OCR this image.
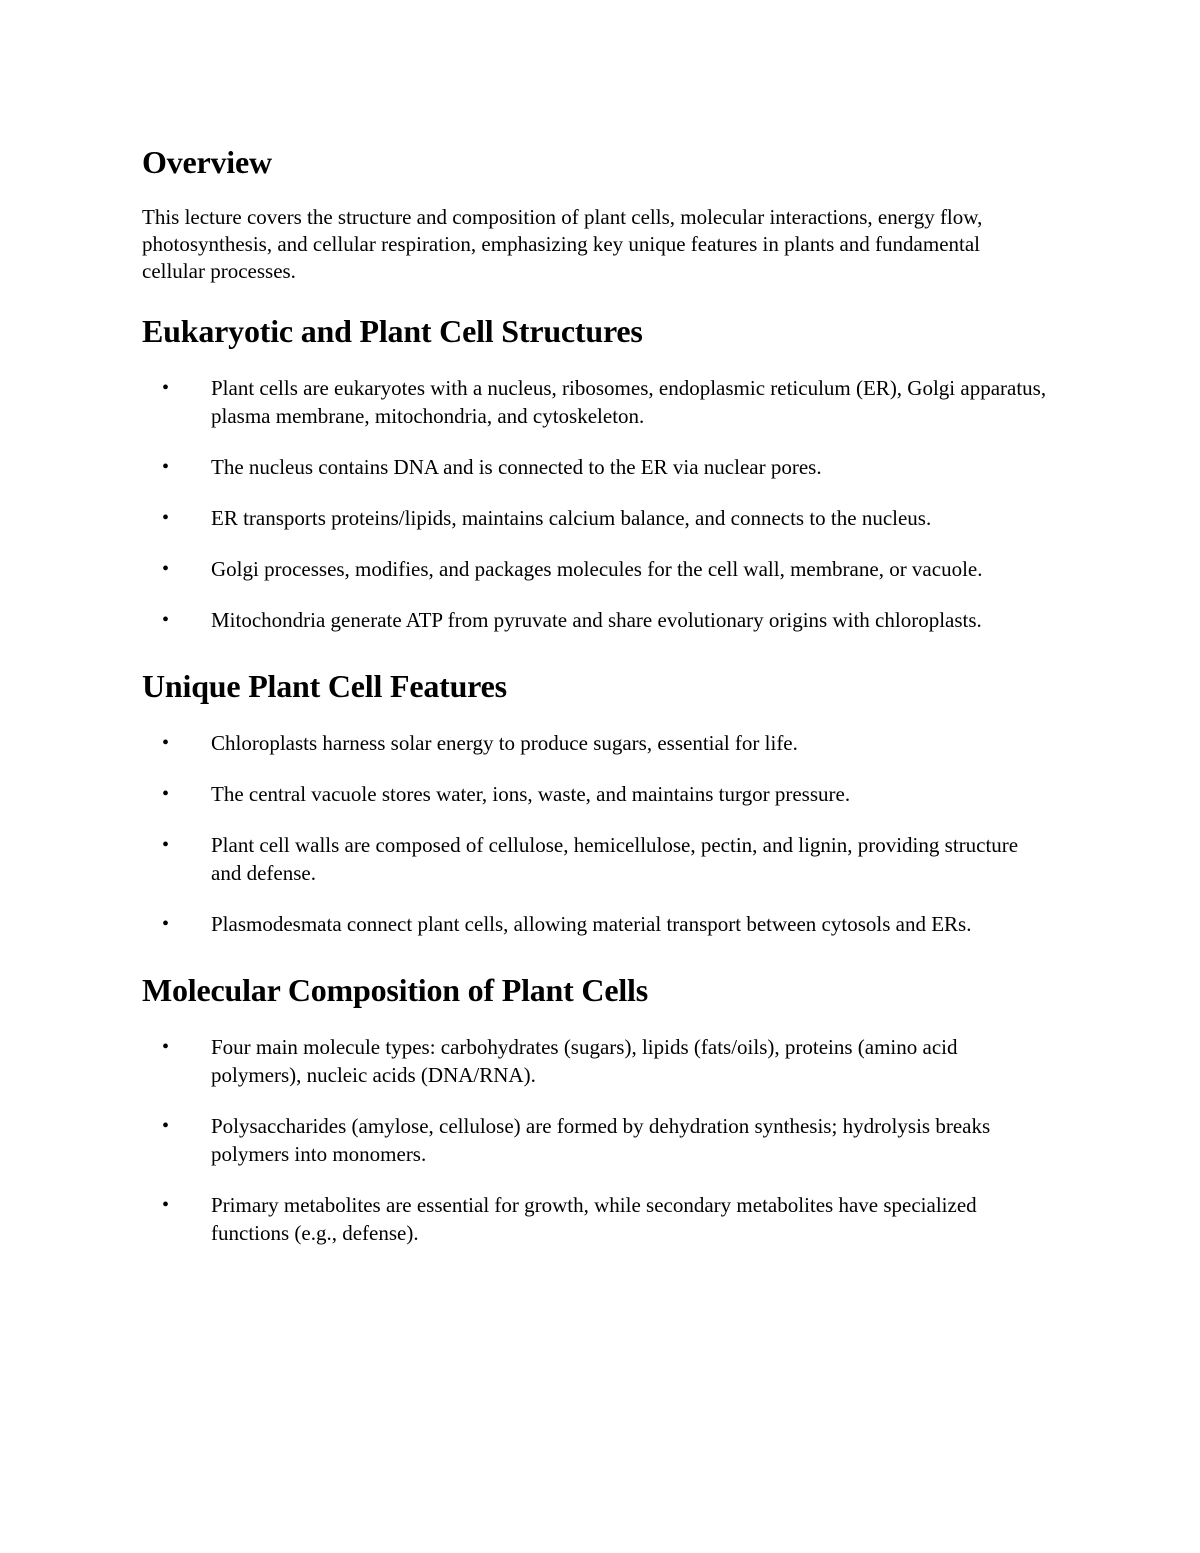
Overview

This lecture covers the structure and composition of plant cells, molecular interactions, energy flow, photosynthesis, and cellular respiration, emphasizing key unique features in plants and fundamental cellular processes.

Eukaryotic and Plant Cell Structures
• Plant cells are eukaryotes with a nucleus, ribosomes, endoplasmic reticulum (ER), Golgi apparatus, plasma membrane, mitochondria, and cytoskeleton.
• The nucleus contains DNA and is connected to the ER via nuclear pores.
• ER transports proteins/lipids, maintains calcium balance, and connects to the nucleus.
• Golgi processes, modifies, and packages molecules for the cell wall, membrane, or vacuole.
• Mitochondria generate ATP from pyruvate and share evolutionary origins with chloroplasts.
Unique Plant Cell Features
• Chloroplasts harness solar energy to produce sugars, essential for life.
• The central vacuole stores water, ions, waste, and maintains turgor pressure.
• Plant cell walls are composed of cellulose, hemicellulose, pectin, and lignin, providing structure and defense.
• Plasmodesmata connect plant cells, allowing material transport between cytosols and ERs.
Molecular Composition of Plant Cells
• Four main molecule types: carbohydrates (sugars), lipids (fats/oils), proteins (amino acid polymers), nucleic acids (DNA/RNA).
• Polysaccharides (amylose, cellulose) are formed by dehydration synthesis; hydrolysis breaks polymers into monomers.
• Primary metabolites are essential for growth, while secondary metabolites have specialized functions (e.g., defense).
